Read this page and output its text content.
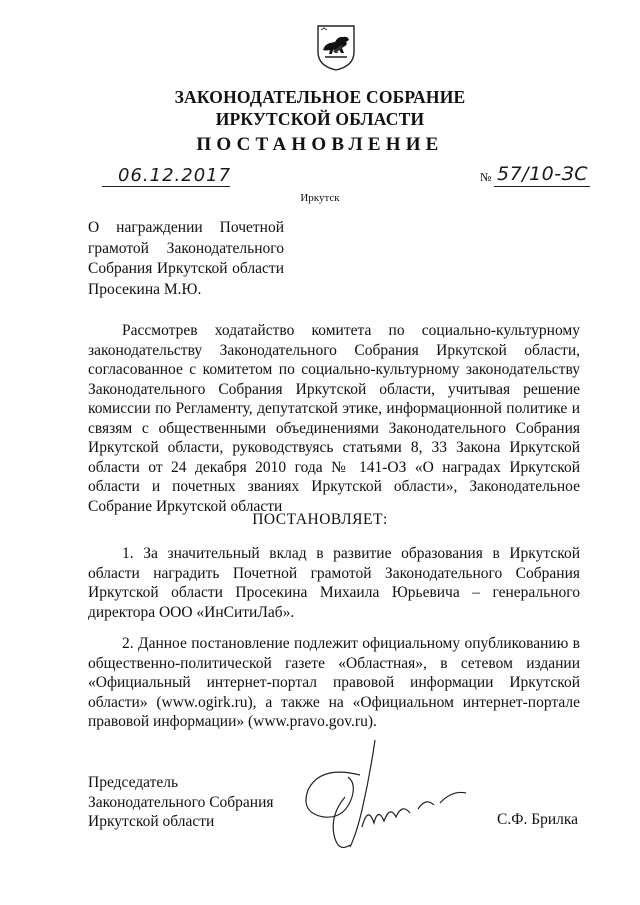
ЗАКОНОДАТЕЛЬНОЕ СОБРАНИЕ
ИРКУТСКОЙ ОБЛАСТИ
ПОСТАНОВЛЕНИЕ
06.12.2017	№ 57/10-ЗС
Иркутск
О награждении Почетной грамотой Законодательного Собрания Иркутской области Просекина М.Ю.

Рассмотрев ходатайство комитета по социально-культурному законодательству Законодательного Собрания Иркутской области, согласованное с комитетом по социально-культурному законодательству Законодательного Собрания Иркутской области, учитывая решение комиссии по Регламенту, депутатской этике, информационной политике и связям с общественными объединениями Законодательного Собрания Иркутской области, руководствуясь статьями 8, 33 Закона Иркутской области от 24 декабря 2010 года № 141-ОЗ «О наградах Иркутской области и почетных званиях Иркутской области», Законодательное Собрание Иркутской области

ПОСТАНОВЛЯЕТ:

1. За значительный вклад в развитие образования в Иркутской области наградить Почетной грамотой Законодательного Собрания Иркутской области Просекина Михаила Юрьевича – генерального директора ООО «ИнСитиЛаб».

2. Данное постановление подлежит официальному опубликованию в общественно-политической газете «Областная», в сетевом издании «Официальный интернет-портал правовой информации Иркутской области» (www.ogirk.ru), а также на «Официальном интернет-портале правовой информации» (www.pravo.gov.ru).

Председатель
Законодательного Собрания
Иркутской области	С.Ф. Брилка
